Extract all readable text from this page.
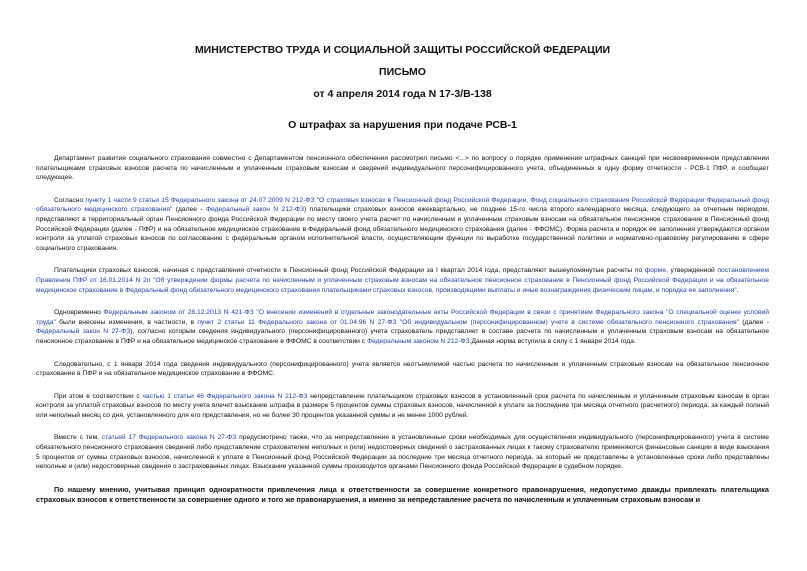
МИНИСТЕРСТВО ТРУДА И СОЦИАЛЬНОЙ ЗАЩИТЫ РОССИЙСКОЙ ФЕДЕРАЦИИ
ПИСЬМО
от 4 апреля 2014 года N 17-3/В-138
О штрафах за нарушения при подаче РСВ-1

Департамент развития социального страхования совместно с Департаментом пенсионного обеспечения рассмотрел письмо <...> по вопросу о порядке применения штрафных санкций при несвоевременном представлении плательщиками страховых взносов расчета по начисленным и уплаченным страховым взносам и сведений индивидуального персонифицированного учета, объединенных в одну форму отчетности - РСВ-1 ПФР, и сообщает следующее.

Согласно пункту 1 части 9 статьи 15 Федерального закона от 24.07.2009 N 212-ФЗ "О страховых взносах в Пенсионный фонд Российской Федерации, Фонд социального страхования Российской Федерации Федеральный фонд обязательного медицинского страхования" (далее - Федеральный закон N 212-ФЗ) плательщики страховых взносов ежеквартально, не позднее 15-го числа второго календарного месяца, следующего за отчетным периодом, представляют в территориальный орган Пенсионного фонда Российской Федерации по месту своего учета расчет по начисленным и уплаченным страховым взносам на обязательное пенсионное страхование в Пенсионный фонд Российской Федерации (далее - ПФР) и на обязательное медицинское страхование в Федеральный фонд обязательного медицинского страхования (далее - ФФОМС). Форма расчета и порядок ее заполнения утверждаются органом контроля за уплатой страховых взносов по согласованию с федеральным органом исполнительной власти, осуществляющим функции по выработке государственной политики и нормативно-правовому регулированию в сфере социального страхования.

Плательщики страховых взносов, начиная с представления отчетности в Пенсионный фонд Российской Федерации за I квартал 2014 года, представляют вышеупомянутые расчеты по форме, утвержденной постановлением Правления ПФР от 16.01.2014 N 2п "Об утверждении формы расчета по начисленным и уплаченным страховым взносам на обязательное пенсионное страхование в Пенсионный фонд Российской Федерации и на обязательное медицинское страхование в Федеральный фонд обязательного медицинского страхования плательщиками страховых взносов, производящими выплаты и иные вознаграждения физическим лицам, и порядка ее заполнения".

Одновременно Федеральным законом от 28.12.2013 N 421-ФЗ "О внесении изменений в отдельные законодательные акты Российской Федерации в связи с принятием Федерального закона "О специальной оценке условий труда" были внесены изменения, в частности, в пункт 2 статьи 11 Федерального закона от 01.04.96 N 27-ФЗ "Об индивидуальном (персонифицированном) учете в системе обязательного пенсионного страхования" (далее - Федеральный закон N 27-ФЗ), согласно которым сведения индивидуального (персонифицированного) учета страхователь представляет в составе расчета по начисленным и уплаченным страховым взносам на обязательное пенсионное страхование в ПФР и на обязательное медицинское страхование в ФФОМС в соответствии с Федеральным законом N 212-ФЗ.Данная норма вступила в силу с 1 января 2014 года.

Следовательно, с 1 января 2014 года сведения индивидуального (персонифицированного) учета является неотъемлемой частью расчета по начисленным и уплаченным страховым взносам на обязательное пенсионное страхование в ПФР и на обязательное медицинское страхование в ФФОМС.

При этом в соответствии с частью 1 статьи 46 Федерального закона N 212-ФЗ непредставление плательщиком страховых взносов в установленный срок расчета по начисленным и уплаченным страховым взносам в орган контроля за уплатой страховых взносов по месту учета влечет взыскание штрафа в размере 5 процентов суммы страховых взносов, начисленной к уплате за последние три месяца отчетного (расчетного) периода, за каждый полный или неполный месяц со дня, установленного для его представления, но не более 30 процентов указанной суммы и не менее 1000 рублей.

Вместе с тем, статьей 17 Федерального закона N 27-ФЗ предусмотрено также, что за непредставление в установленные сроки необходимых для осуществления индивидуального (персонифицированного) учета в системе обязательного пенсионного страхования сведений либо представление страхователем неполных и (или) недостоверных сведений о застрахованных лицах к такому страхователю применяются финансовые санкции в виде взыскания 5 процентов от суммы страховых взносов, начисленной к уплате в Пенсионный фонд Российской Федерации за последние три месяца отчетного периода, за который не представлены в установленные сроки либо представлены неполные и (или) недостоверные сведения о застрахованных лицах. Взыскание указанной суммы производится органами Пенсионного фонда Российской Федерации в судебном порядке.

По нашему мнению, учитывая принцип однократности привлечения лица к ответственности за совершение конкретного правонарушения, недопустимо дважды привлекать плательщика страховых взносов к ответственности за совершение одного и того же правонарушения, а именно за непредставление расчета по начисленным и уплаченным страховым взносам и
